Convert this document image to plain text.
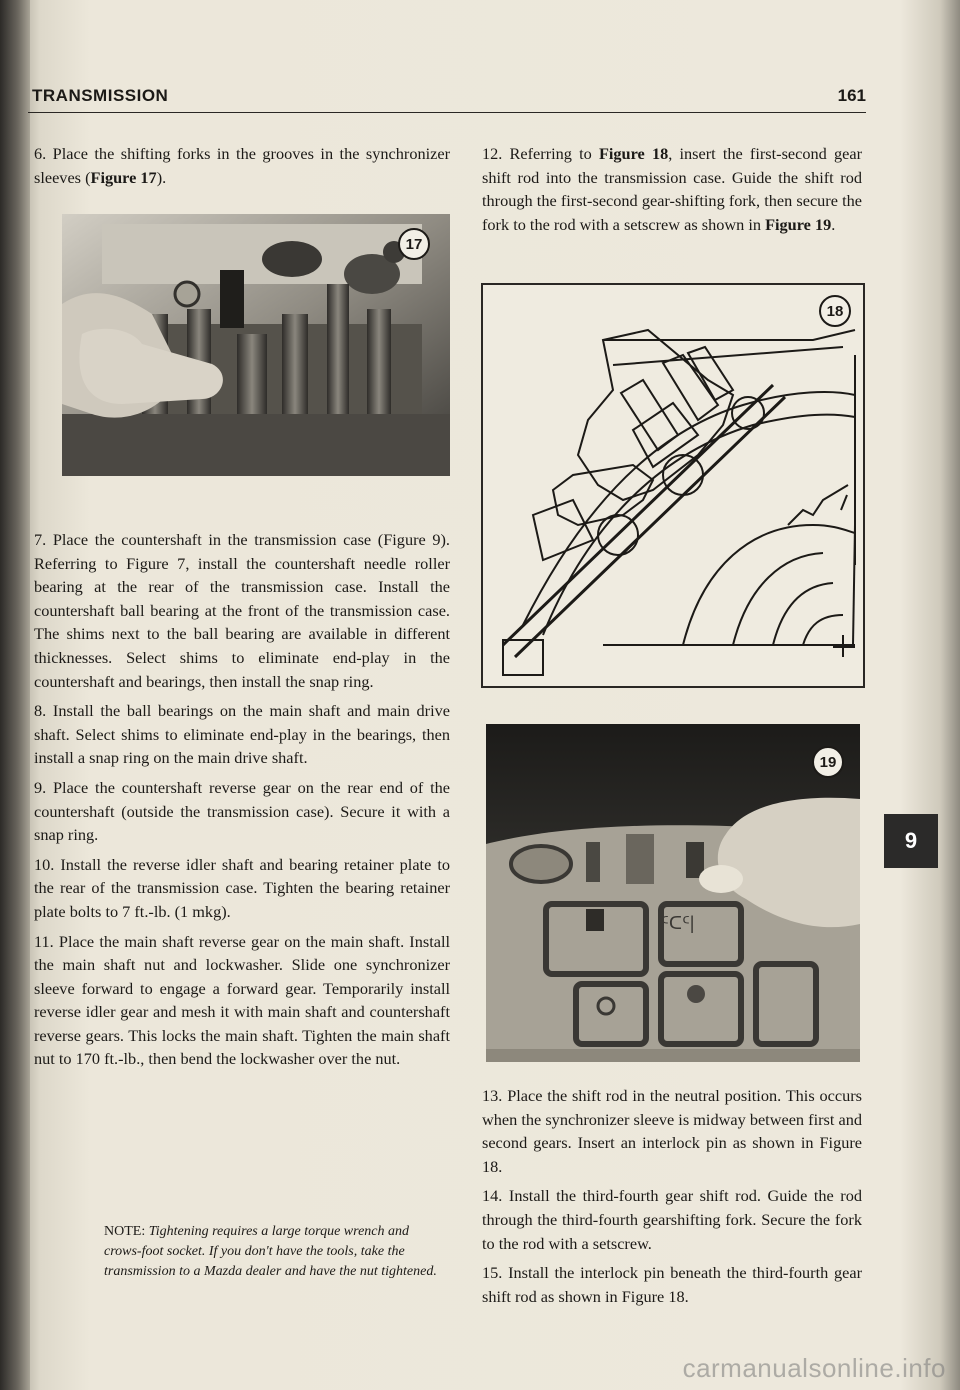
TRANSMISSION	161

6. Place the shifting forks in the grooves in the synchronizer sleeves (Figure 17).

17

7. Place the countershaft in the transmission case (Figure 9). Referring to Figure 7, install the countershaft needle roller bearing at the rear of the transmission case. Install the countershaft ball bearing at the front of the transmission case. The shims next to the ball bearing are available in different thicknesses. Select shims to eliminate end-play in the countershaft and bearings, then install the snap ring.

8. Install the ball bearings on the main shaft and main drive shaft. Select shims to eliminate end-play in the bearings, then install a snap ring on the main drive shaft.

9. Place the countershaft reverse gear on the rear end of the countershaft (outside the transmission case). Secure it with a snap ring.

10. Install the reverse idler shaft and bearing retainer plate to the rear of the transmission case. Tighten the bearing retainer plate bolts to 7 ft.-lb. (1 mkg).

11. Place the main shaft reverse gear on the main shaft. Install the main shaft nut and lockwasher. Slide one synchronizer sleeve forward to engage a forward gear. Temporarily install reverse idler gear and mesh it with main shaft and countershaft reverse gears. This locks the main shaft. Tighten the main shaft nut to 170 ft.-lb., then bend the lockwasher over the nut.

NOTE: Tightening requires a large torque wrench and crows-foot socket. If you don't have the tools, take the transmission to a Mazda dealer and have the nut tightened.

12. Referring to Figure 18, insert the first-second gear shift rod into the transmission case. Guide the shift rod through the first-second gear-shifting fork, then secure the fork to the rod with a setscrew as shown in Figure 19.

18
ᑦᑕᑦ|
19

13. Place the shift rod in the neutral position. This occurs when the synchronizer sleeve is midway between first and second gears. Insert an interlock pin as shown in Figure 18.

14. Install the third-fourth gear shift rod. Guide the rod through the third-fourth gearshifting fork. Secure the fork to the rod with a setscrew.

15. Install the interlock pin beneath the third-fourth gear shift rod as shown in Figure 18.

9
carmanualsonline.info
